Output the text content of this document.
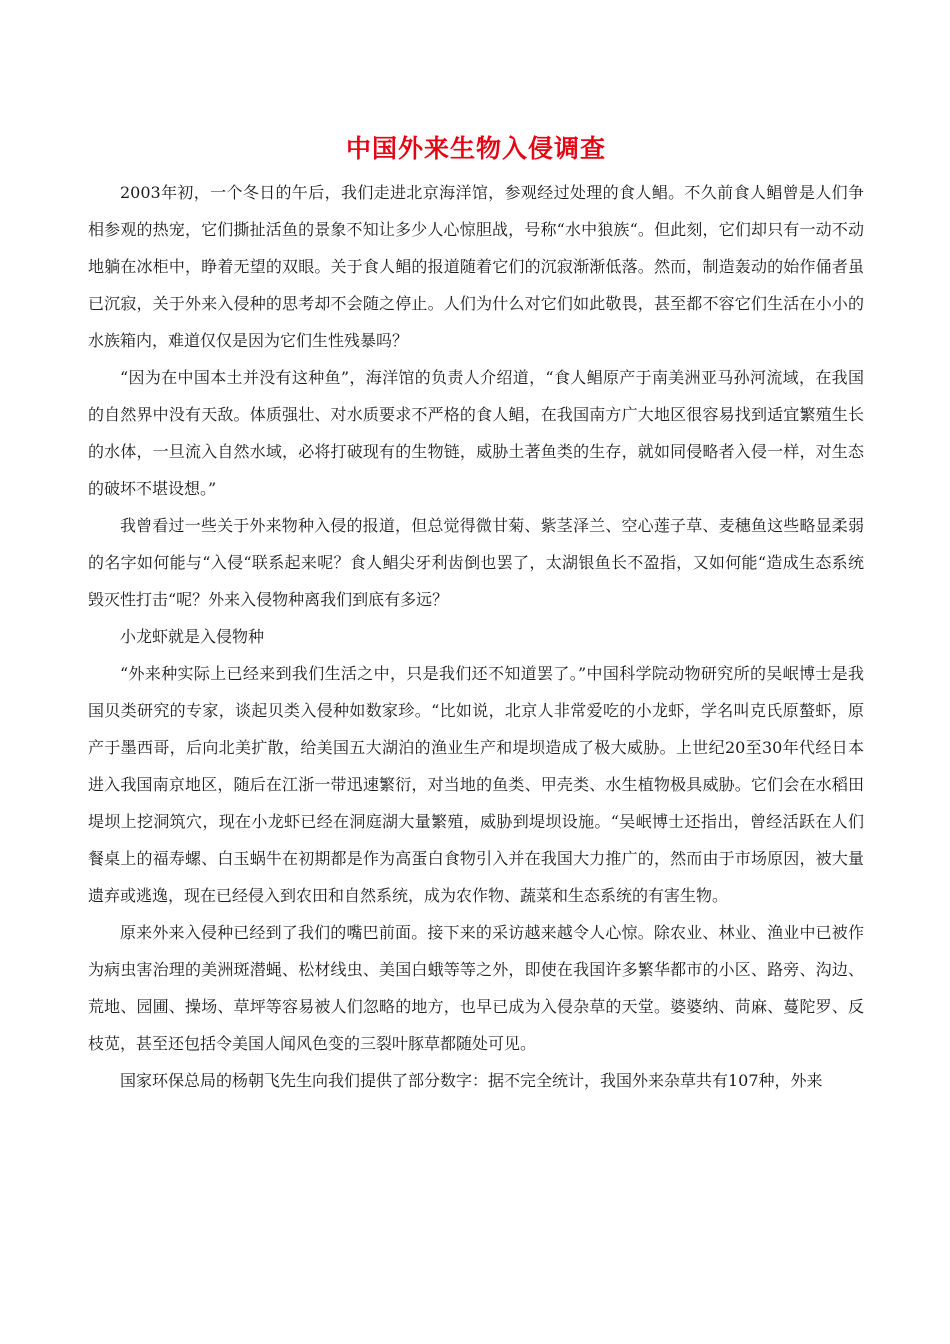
中国外来生物入侵调查

2003年初，一个冬日的午后，我们走进北京海洋馆，参观经过处理的食人鲳。不久前食人鲳曾是人们争相参观的热宠，它们撕扯活鱼的景象不知让多少人心惊胆战，号称“水中狼族“。但此刻，它们却只有一动不动地躺在冰柜中，睁着无望的双眼。关于食人鲳的报道随着它们的沉寂渐渐低落。然而，制造轰动的始作俑者虽已沉寂，关于外来入侵种的思考却不会随之停止。人们为什么对它们如此敬畏，甚至都不容它们生活在小小的水族箱内，难道仅仅是因为它们生性残暴吗？

“因为在中国本土并没有这种鱼”，海洋馆的负责人介绍道，“食人鲳原产于南美洲亚马孙河流域，在我国的自然界中没有天敌。体质强壮、对水质要求不严格的食人鲳，在我国南方广大地区很容易找到适宜繁殖生长的水体，一旦流入自然水域，必将打破现有的生物链，威胁土著鱼类的生存，就如同侵略者入侵一样，对生态的破坏不堪设想。”

我曾看过一些关于外来物种入侵的报道，但总觉得微甘菊、紫茎泽兰、空心莲子草、麦穗鱼这些略显柔弱的名字如何能与“入侵“联系起来呢？食人鲳尖牙利齿倒也罢了，太湖银鱼长不盈指，又如何能“造成生态系统毁灭性打击“呢？外来入侵物种离我们到底有多远？

小龙虾就是入侵物种

“外来种实际上已经来到我们生活之中，只是我们还不知道罢了。”中国科学院动物研究所的吴岷博士是我国贝类研究的专家，谈起贝类入侵种如数家珍。“比如说，北京人非常爱吃的小龙虾，学名叫克氏原螯虾，原产于墨西哥，后向北美扩散，给美国五大湖泊的渔业生产和堤坝造成了极大威胁。上世纪20至30年代经日本进入我国南京地区，随后在江浙一带迅速繁衍，对当地的鱼类、甲壳类、水生植物极具威胁。它们会在水稻田堤坝上挖洞筑穴，现在小龙虾已经在洞庭湖大量繁殖，威胁到堤坝设施。“吴岷博士还指出，曾经活跃在人们餐桌上的福寿螺、白玉蜗牛在初期都是作为高蛋白食物引入并在我国大力推广的，然而由于市场原因，被大量遗弃或逃逸，现在已经侵入到农田和自然系统，成为农作物、蔬菜和生态系统的有害生物。

原来外来入侵种已经到了我们的嘴巴前面。接下来的采访越来越令人心惊。除农业、林业、渔业中已被作为病虫害治理的美洲斑潜蝇、松材线虫、美国白蛾等等之外，即使在我国许多繁华都市的小区、路旁、沟边、荒地、园圃、操场、草坪等容易被人们忽略的地方，也早已成为入侵杂草的天堂。婆婆纳、苘麻、蔓陀罗、反枝苋，甚至还包括令美国人闻风色变的三裂叶豚草都随处可见。

国家环保总局的杨朝飞先生向我们提供了部分数字：据不完全统计，我国外来杂草共有107种，外来
